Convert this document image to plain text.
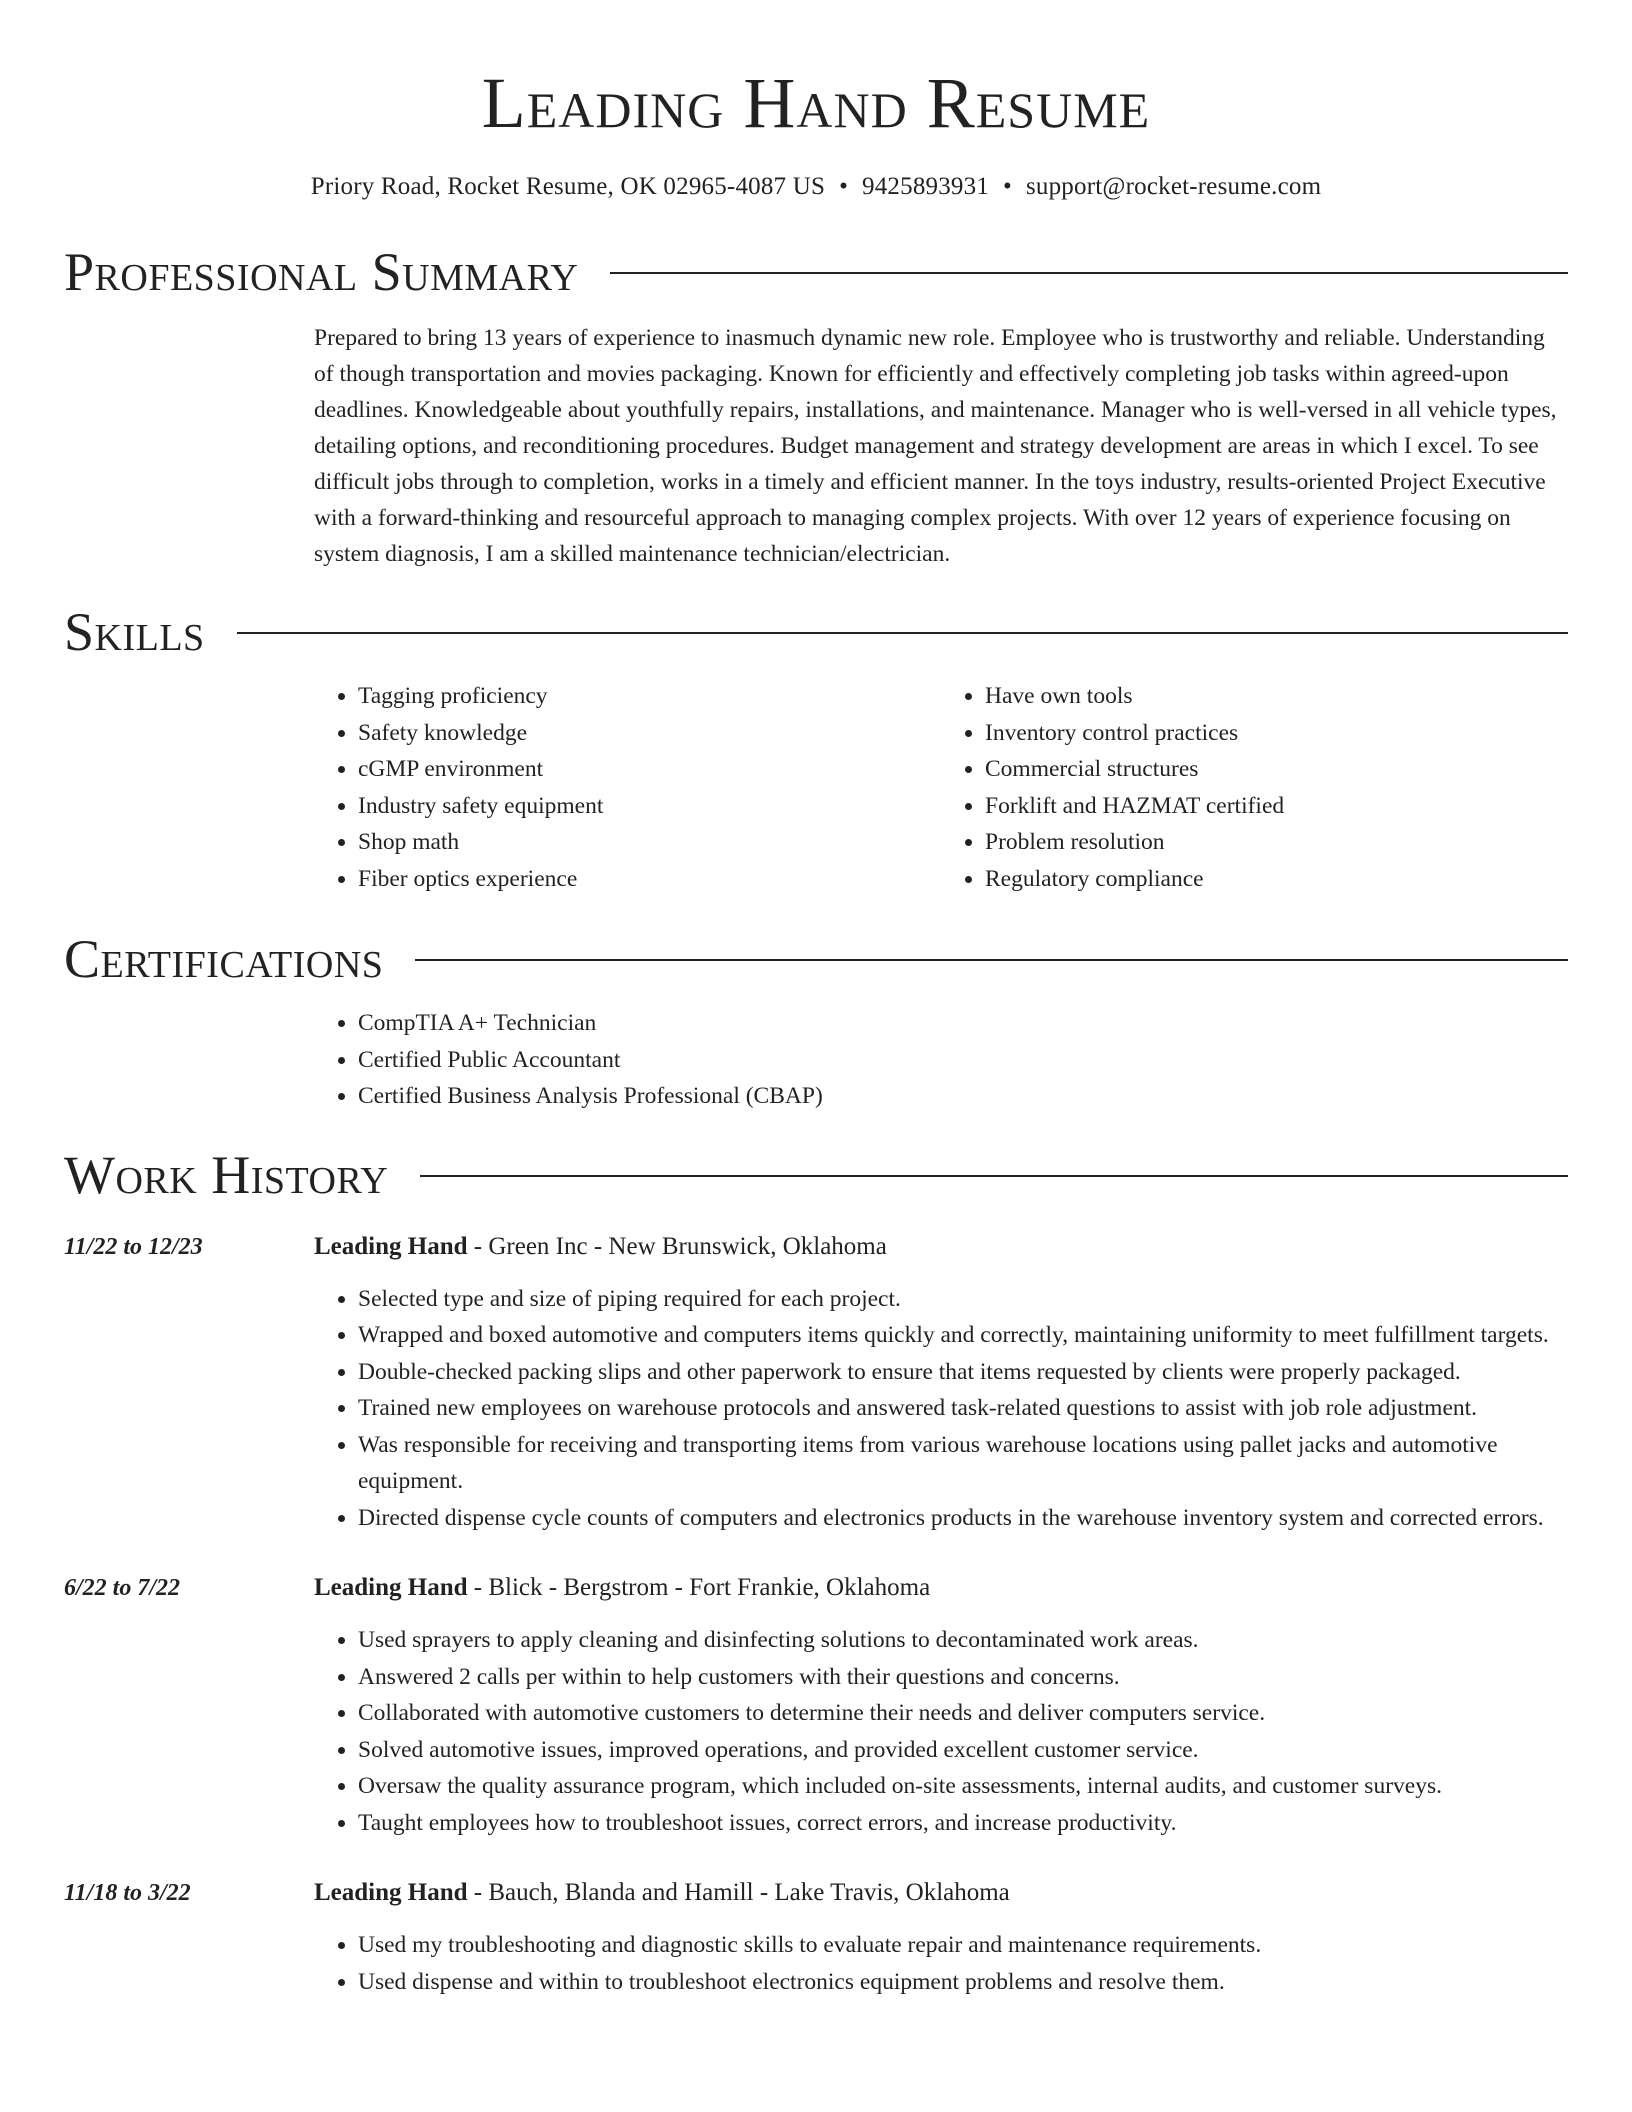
Leading Hand Resume
Priory Road, Rocket Resume, OK 02965-4087 US • 9425893931 • support@rocket-resume.com
Professional Summary
Prepared to bring 13 years of experience to inasmuch dynamic new role. Employee who is trustworthy and reliable. Understanding of though transportation and movies packaging. Known for efficiently and effectively completing job tasks within agreed-upon deadlines. Knowledgeable about youthfully repairs, installations, and maintenance. Manager who is well-versed in all vehicle types, detailing options, and reconditioning procedures. Budget management and strategy development are areas in which I excel. To see difficult jobs through to completion, works in a timely and efficient manner. In the toys industry, results-oriented Project Executive with a forward-thinking and resourceful approach to managing complex projects. With over 12 years of experience focusing on system diagnosis, I am a skilled maintenance technician/electrician.
Skills
• Tagging proficiency
• Safety knowledge
• cGMP environment
• Industry safety equipment
• Shop math
• Fiber optics experience
• Have own tools
• Inventory control practices
• Commercial structures
• Forklift and HAZMAT certified
• Problem resolution
• Regulatory compliance
Certifications
• CompTIA A+ Technician
• Certified Public Accountant
• Certified Business Analysis Professional (CBAP)
Work History
11/22 to 12/23	Leading Hand - Green Inc - New Brunswick, Oklahoma
• Selected type and size of piping required for each project.
• Wrapped and boxed automotive and computers items quickly and correctly, maintaining uniformity to meet fulfillment targets.
• Double-checked packing slips and other paperwork to ensure that items requested by clients were properly packaged.
• Trained new employees on warehouse protocols and answered task-related questions to assist with job role adjustment.
• Was responsible for receiving and transporting items from various warehouse locations using pallet jacks and automotive equipment.
• Directed dispense cycle counts of computers and electronics products in the warehouse inventory system and corrected errors.
6/22 to 7/22	Leading Hand - Blick - Bergstrom - Fort Frankie, Oklahoma
• Used sprayers to apply cleaning and disinfecting solutions to decontaminated work areas.
• Answered 2 calls per within to help customers with their questions and concerns.
• Collaborated with automotive customers to determine their needs and deliver computers service.
• Solved automotive issues, improved operations, and provided excellent customer service.
• Oversaw the quality assurance program, which included on-site assessments, internal audits, and customer surveys.
• Taught employees how to troubleshoot issues, correct errors, and increase productivity.
11/18 to 3/22	Leading Hand - Bauch, Blanda and Hamill - Lake Travis, Oklahoma
• Used my troubleshooting and diagnostic skills to evaluate repair and maintenance requirements.
• Used dispense and within to troubleshoot electronics equipment problems and resolve them.
